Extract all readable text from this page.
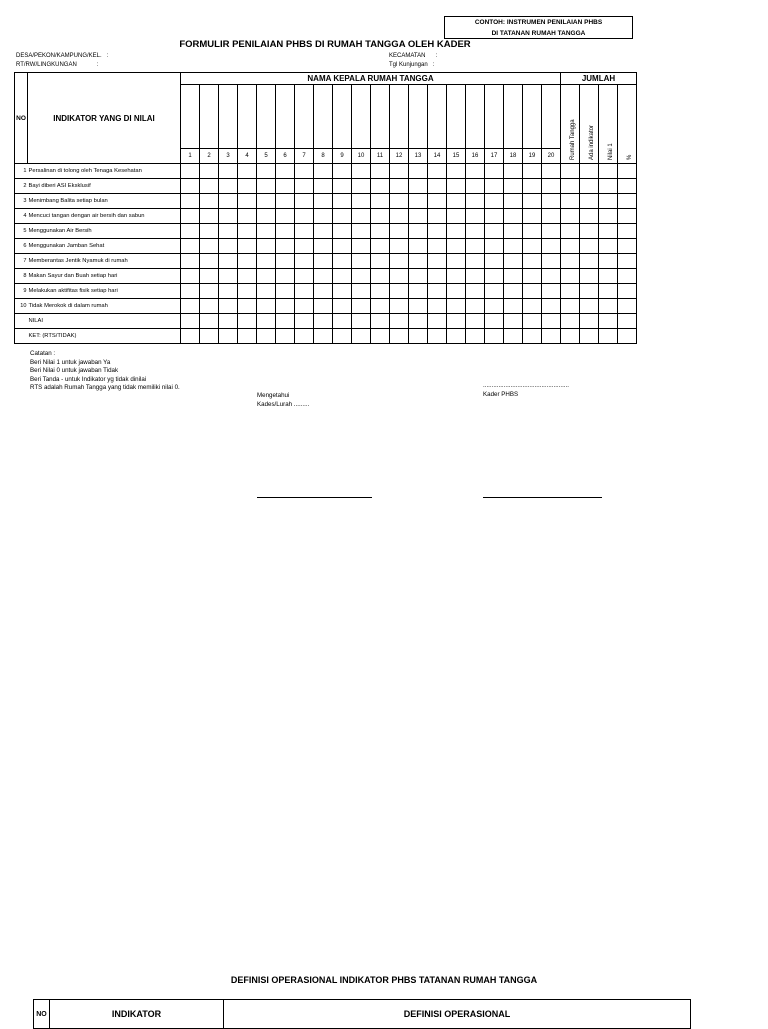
CONTOH: INSTRUMEN PENILAIAN PHBS
DI TATANAN RUMAH TANGGA
FORMULIR PENILAIAN PHBS DI RUMAH TANGGA OLEH KADER
DESA/PEKON/KAMPUNG/KEL.   :
RT/RW/LINGKUNGAN            :
KECAMATAN      :
Tgl Kunjungan   :
NO	INDIKATOR YANG DI NILAI	NAMA KEPALA RUMAH TANGGA																				JUMLAH			

																						Rumah Tangga	Ada indikator	Nilai 1	%

		1	2	3	4	5	6	7	8	9	10	11	12	13	14	15	16	17	18	19	20				
1	Persalinan di tolong oleh Tenaga Kesehatan																								
2	Bayi diberi ASI Eksklusif																								
3	Menimbang Balita setiap bulan																								
4	Mencuci tangan dengan air bersih dan sabun																								
5	Menggunakan Air Bersih																								
6	Menggunakan Jamban Sehat																								
7	Memberantas Jentik Nyamuk di rumah																								
8	Makan Sayur dan Buah setiap hari																								
9	Melakukan aktifitas fisik setiap hari																								
10	Tidak Merokok di dalam rumah																								
	NILAI																								
	KET: (RTS/TIDAK)																								
Catatan :
Beri Nilai 1 untuk jawaban Ya
Beri Nilai 0 untuk jawaban Tidak
Beri Tanda - untuk Indikator yg tidak dinilai
RTS adalah Rumah Tangga yang tidak memiliki nilai 0.
Mengetahui
Kades/Lurah .........
..................................................
Kader PHBS
DEFINISI OPERASIONAL INDIKATOR PHBS TATANAN RUMAH TANGGA
NO	INDIKATOR	DEFINISI OPERASIONAL
